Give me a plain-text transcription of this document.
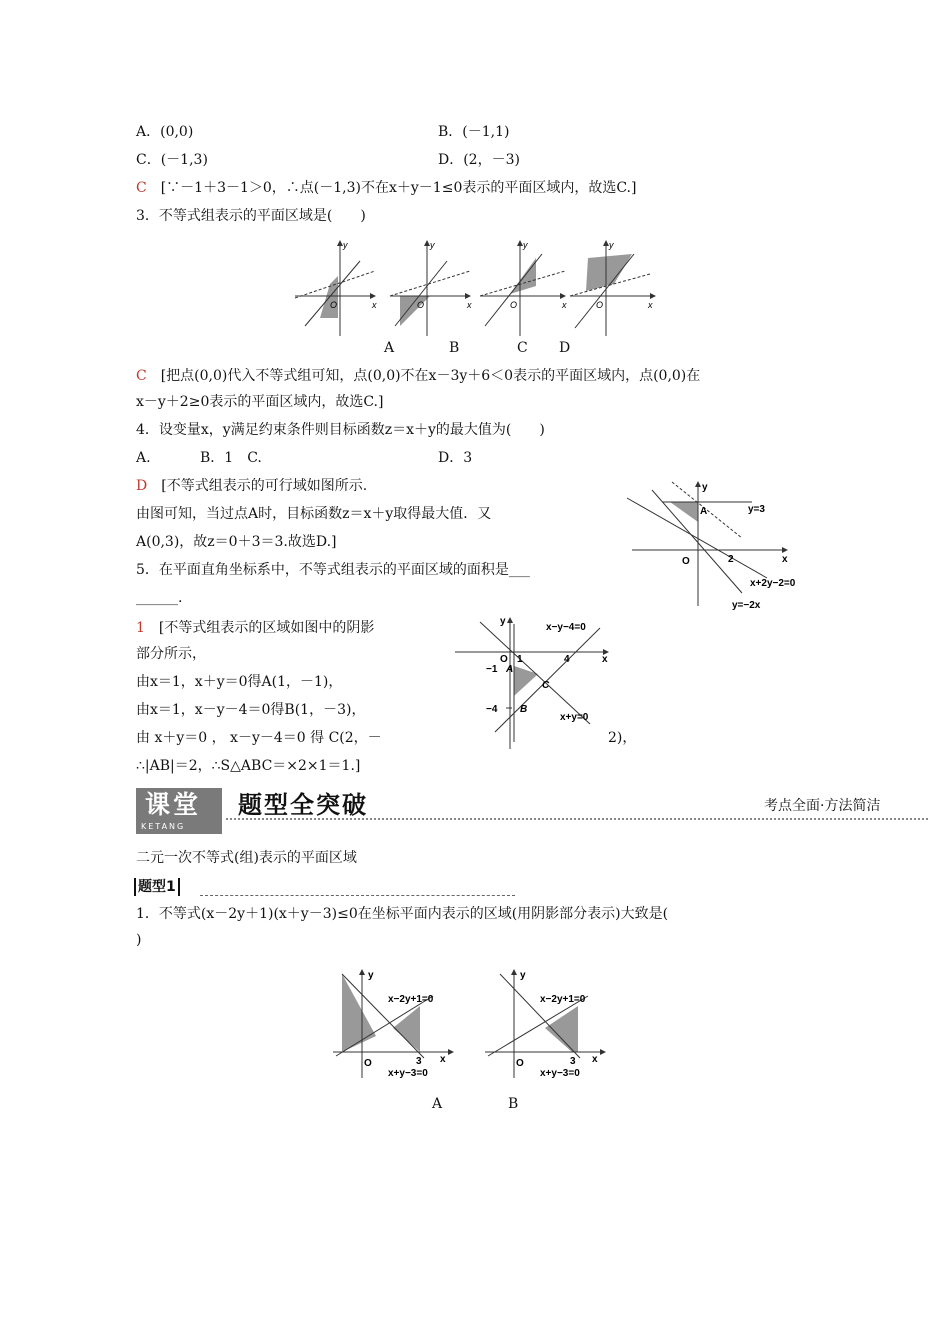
A．(0,0)	B．(－1,1)
C．(－1,3)	D．(2，－3)
C　 [∵－1＋3－1＞0，∴点(－1,3)不在x＋y－1≤0表示的平面区域内，故选C.]
3．不等式组表示的平面区域是(　　)
y
x
O
y
x
O
y
x
O
y
x
O
A	B	C D
C　 [把点(0,0)代入不等式组可知，点(0,0)不在x－3y＋6＜0表示的平面区域内，点(0,0)在
x－y＋2≥0表示的平面区域内，故选C.]
4．设变量x，y满足约束条件则目标函数z＝x＋y的最大值为(　　)
A.	B．1　C.	D．3
D　 [不等式组表示的可行域如图所示.
由图可知，当过点A时，目标函数z＝x＋y取得最大值．又
A(0,3)，故z＝0＋3＝3.故选D.]
y
x
O
A
2
y=3
x+2y−2=0
y=−2x
5．在平面直角坐标系中，不等式组表示的平面区域的面积是___
______.
1　 [不等式组表示的区域如图中的阴影
部分所示，
由x＝1，x＋y＝0得A(1，－1)，
由x＝1，x－y－4＝0得B(1，－3)，
由 x＋y＝0 ， x－y－4＝0 得 C(2，－	2)，
∴|AB|＝2，∴S△ABC＝×2×1＝1.]
y
x
O 1	4
−1
−4
A
B
C
x−y−4=0
x+y=0
课堂
KETANG
题型全突破	考点全面·方法简洁
二元一次不等式(组)表示的平面区域
题型1
1．不等式(x－2y＋1)(x＋y－3)≤0在坐标平面内表示的区域(用阴影部分表示)大致是(
)
y
x
O	3
x−2y+1=0
x+y−3=0
y
x
O	3
x−2y+1=0
x+y−3=0
A	B
